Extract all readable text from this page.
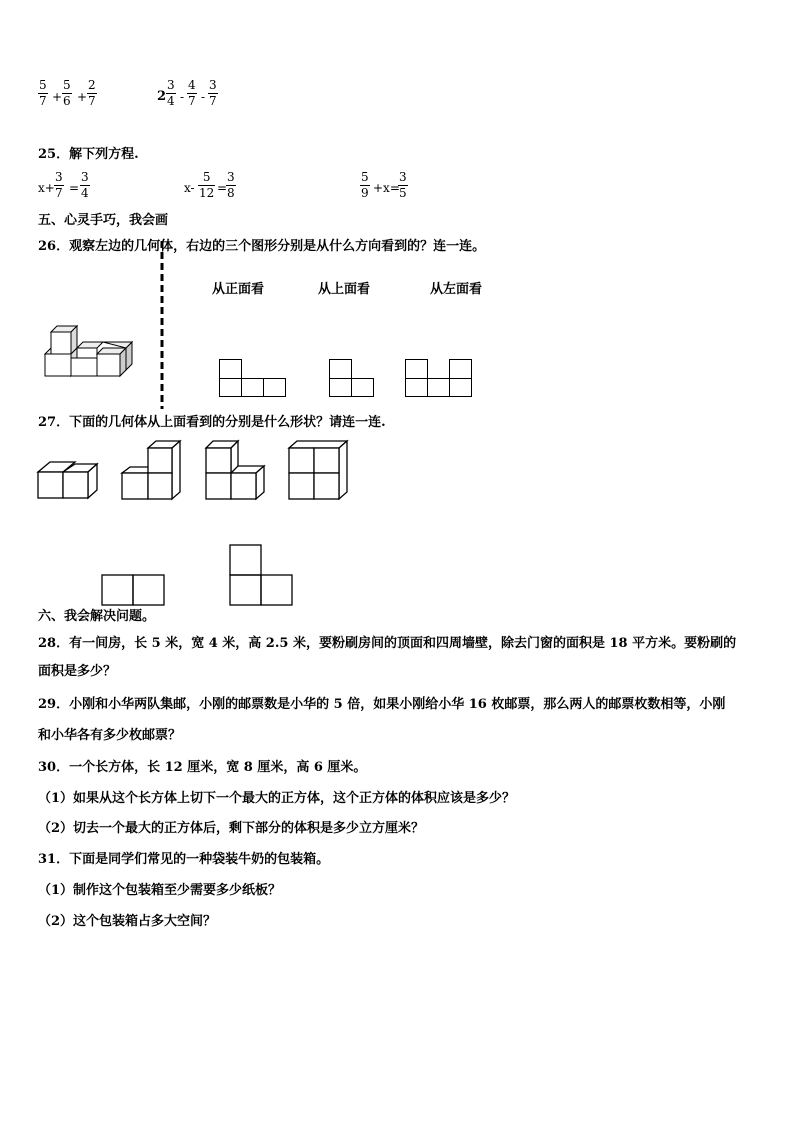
$\frac{5}{7} + \frac{5}{6} + \frac{2}{7}$	$2 \frac{3}{4} - \frac{4}{7} - \frac{3}{7}$
25．解下列方程.
$x+ \frac{3}{7} = \frac{3}{4}$	$x- \frac{5}{12}$ =
$\frac{3}{8}$	$\frac{5}{9} +x=$
$\frac{3}{5}$
五、心灵手巧，我会画
26．观察左边的几何体，右边的三个图形分别是从什么方向看到的？连一连。
从正面看	从上面看	从左面看
27．下面的几何体从上面看到的分别是什么形状？请连一连.
六、我会解决问题。
28．有一间房，长 5 米，宽 4 米，高 2.5 米，要粉刷房间的顶面和四周墙壁，除去门窗的面积是 18 平方米。要粉刷的
面积是多少？
29．小刚和小华两队集邮，小刚的邮票数是小华的 5 倍，如果小刚给小华 16 枚邮票，那么两人的邮票枚数相等，小刚
和小华各有多少枚邮票？
30．一个长方体，长 12 厘米，宽 8 厘米，高 6 厘米。
（1）如果从这个长方体上切下一个最大的正方体，这个正方体的体积应该是多少？
（2）切去一个最大的正方体后，剩下部分的体积是多少立方厘米？
31．下面是同学们常见的一种袋装牛奶的包装箱。
（1）制作这个包装箱至少需要多少纸板？
（2）这个包装箱占多大空间？
